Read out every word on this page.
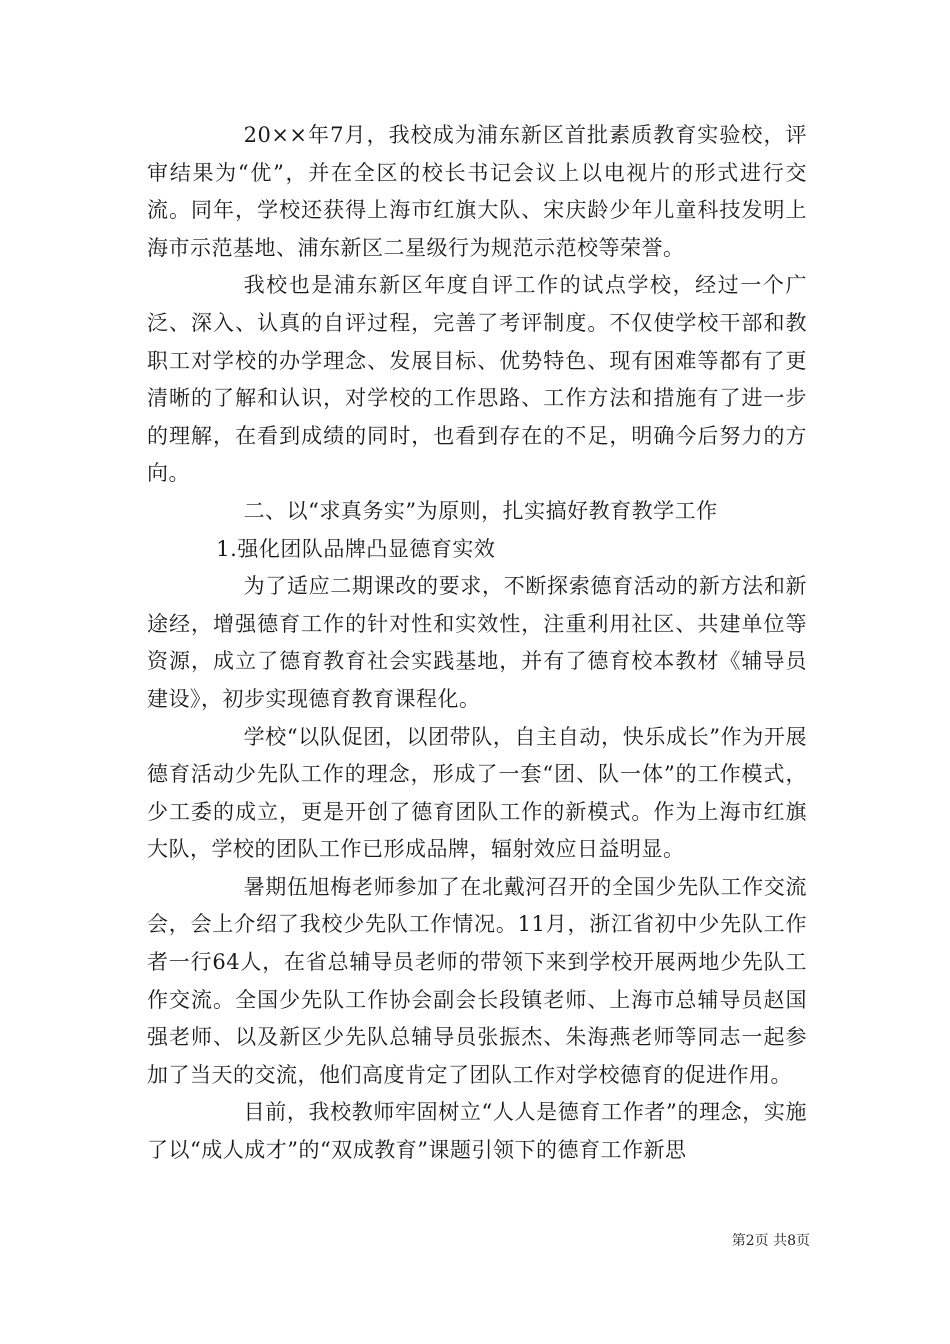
20××年7月，我校成为浦东新区首批素质教育实验校，评审结果为“优”，并在全区的校长书记会议上以电视片的形式进行交流。同年，学校还获得上海市红旗大队、宋庆龄少年儿童科技发明上海市示范基地、浦东新区二星级行为规范示范校等荣誉。

我校也是浦东新区年度自评工作的试点学校，经过一个广泛、深入、认真的自评过程，完善了考评制度。不仅使学校干部和教职工对学校的办学理念、发展目标、优势特色、现有困难等都有了更清晰的了解和认识，对学校的工作思路、工作方法和措施有了进一步的理解，在看到成绩的同时，也看到存在的不足，明确今后努力的方向。

二、以“求真务实”为原则，扎实搞好教育教学工作

1.强化团队品牌凸显德育实效

为了适应二期课改的要求，不断探索德育活动的新方法和新途经，增强德育工作的针对性和实效性，注重利用社区、共建单位等资源，成立了德育教育社会实践基地，并有了德育校本教材《辅导员建设》，初步实现德育教育课程化。

学校“以队促团，以团带队，自主自动，快乐成长”作为开展德育活动少先队工作的理念，形成了一套“团、队一体”的工作模式，少工委的成立，更是开创了德育团队工作的新模式。作为上海市红旗大队，学校的团队工作已形成品牌，辐射效应日益明显。

暑期伍旭梅老师参加了在北戴河召开的全国少先队工作交流会，会上介绍了我校少先队工作情况。11月，浙江省初中少先队工作者一行64人，在省总辅导员老师的带领下来到学校开展两地少先队工作交流。全国少先队工作协会副会长段镇老师、上海市总辅导员赵国强老师、以及新区少先队总辅导员张振杰、朱海燕老师等同志一起参加了当天的交流，他们高度肯定了团队工作对学校德育的促进作用。

目前，我校教师牢固树立“人人是德育工作者”的理念，实施了以“成人成才”的“双成教育”课题引领下的德育工作新思

第2页 共8页
